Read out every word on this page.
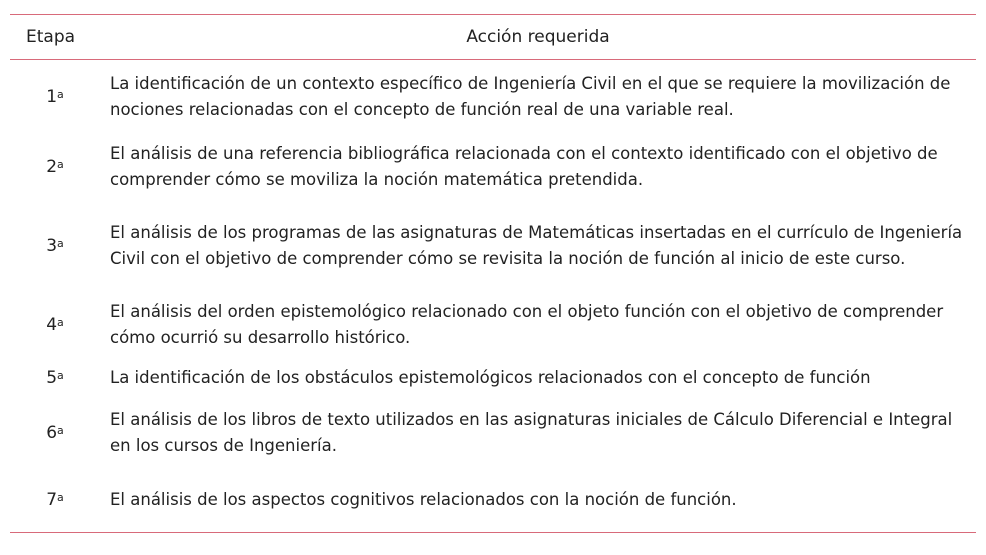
Etapa	Acción requerida
1$^a$	La identificación de un contexto específico de Ingeniería Civil en el que se requiere la movilización de nociones relacionadas con el concepto de función real de una variable real.
2$^a$	El análisis de una referencia bibliográfica relacionada con el contexto identificado con el objetivo de comprender cómo se moviliza la noción matemática pretendida.
3$^a$	El análisis de los programas de las asignaturas de Matemáticas insertadas en el currículo de Ingeniería Civil con el objetivo de comprender cómo se revisita la noción de función al inicio de este curso.
4$^a$	El análisis del orden epistemológico relacionado con el objeto función con el objetivo de comprender cómo ocurrió su desarrollo histórico.
5$^a$	La identificación de los obstáculos epistemológicos relacionados con el concepto de función
6$^a$	El análisis de los libros de texto utilizados en las asignaturas iniciales de Cálculo Diferencial e Integral en los cursos de Ingeniería.
7$^a$	El análisis de los aspectos cognitivos relacionados con la noción de función.
